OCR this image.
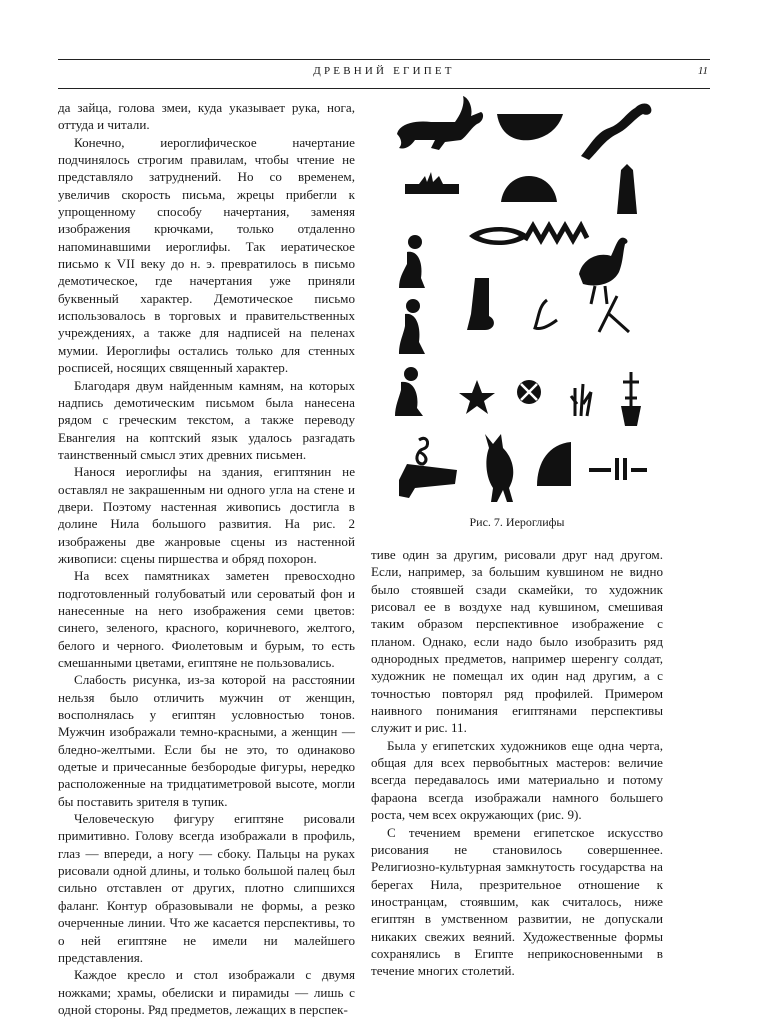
ДРЕВНИЙ ЕГИПЕТ	11

да зайца, голова змеи, куда указывает рука, нога, оттуда и читали.

Конечно, иероглифическое начертание подчинялось строгим правилам, чтобы чтение не представляло затруднений. Но со временем, увеличив скорость письма, жрецы прибегли к упрощенному способу начертания, заменяя изображения крючками, только отдаленно напоминавшими иероглифы. Так иератическое письмо к VII веку до н. э. превратилось в письмо демотическое, где начертания уже приняли буквенный характер. Демотическое письмо использовалось в торговых и правительственных учреждениях, а также для надписей на пеленах мумии. Иероглифы остались только для стенных росписей, носящих священный характер.

Благодаря двум найденным камням, на которых надпись демотическим письмом была нанесена рядом с греческим текстом, а также переводу Евангелия на коптский язык удалось разгадать таинственный смысл этих древних письмен.

Нанося иероглифы на здания, египтянин не оставлял не закрашенным ни одного угла на стене и двери. Поэтому настенная живопись достигла в долине Нила большого развития. На рис. 2 изображены две жанровые сцены из настенной живописи: сцены пиршества и обряд похорон.

На всех памятниках заметен превосходно подготовленный голубоватый или сероватый фон и нанесенные на него изображения семи цветов: синего, зеленого, красного, коричневого, желтого, белого и черного. Фиолетовым и бурым, то есть смешанными цветами, египтяне не пользовались.

Слабость рисунка, из-за которой на расстоянии нельзя было отличить мужчин от женщин, восполнялась у египтян условностью тонов. Мужчин изображали темно-красными, а женщин — бледно-желтыми. Если бы не это, то одинаково одетые и причесанные безбородые фигуры, нередко расположенные на тридцатиметровой высоте, могли бы поставить зрителя в тупик.

Человеческую фигуру египтяне рисовали примитивно. Голову всегда изображали в профиль, глаз — впереди, а ногу — сбоку. Пальцы на руках рисовали одной длины, и только большой палец был сильно отставлен от других, плотно слипшихся фаланг. Контур образовывали не формы, а резко очерченные линии. Что же касается перспективы, то о ней египтяне не имели ни малейшего представления.

Каждое кресло и стол изображали с двумя ножками; храмы, обелиски и пирамиды — лишь с одной стороны. Ряд предметов, лежащих в перспек-

Рис. 7. Иероглифы

тиве один за другим, рисовали друг над другом. Если, например, за большим кувшином не видно было стоявшей сзади скамейки, то художник рисовал ее в воздухе над кувшином, смешивая таким образом перспективное изображение с планом. Однако, если надо было изобразить ряд однородных предметов, например шеренгу солдат, художник не помещал их один над другим, а с точностью повторял ряд профилей. Примером наивного понимания египтянами перспективы служит и рис. 11.

Была у египетских художников еще одна черта, общая для всех первобытных мастеров: величие всегда передавалось ими материально и потому фараона всегда изображали намного большего роста, чем всех окружающих (рис. 9).

С течением времени египетское искусство рисования не становилось совершеннее. Религиозно-культурная замкнутость государства на берегах Нила, презрительное отношение к иностранцам, стоявшим, как считалось, ниже египтян в умственном развитии, не допускали никаких свежих веяний. Художественные формы сохранялись в Египте неприкосновенными в течение многих столетий.
